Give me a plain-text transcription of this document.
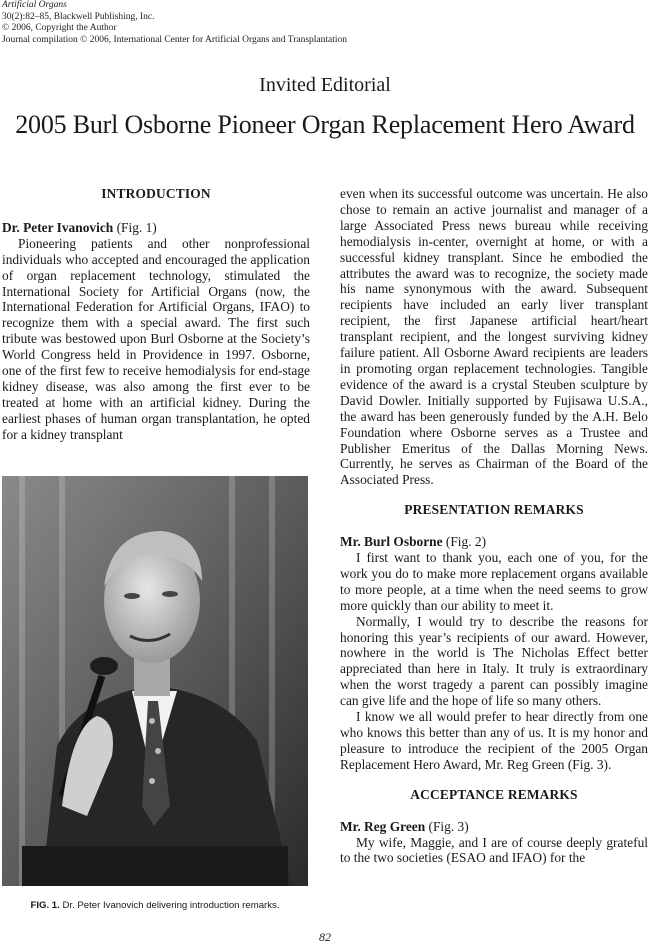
Artificial Organs
30(2):82–85, Blackwell Publishing, Inc.
© 2006, Copyright the Author
Journal compilation © 2006, International Center for Artificial Organs and Transplantation
Invited Editorial
2005 Burl Osborne Pioneer Organ Replacement Hero Award
INTRODUCTION

Dr. Peter Ivanovich (Fig. 1)

Pioneering patients and other nonprofessional individuals who accepted and encouraged the application of organ replacement technology, stimulated the International Society for Artificial Organs (now, the International Federation for Artificial Organs, IFAO) to recognize them with a special award. The first such tribute was bestowed upon Burl Osborne at the Society’s World Congress held in Providence in 1997. Osborne, one of the first few to receive hemodialysis for end-stage kidney disease, was also among the first ever to be treated at home with an artificial kidney. During the earliest phases of human organ transplantation, he opted for a kidney transplant

FIG. 1. Dr. Peter Ivanovich delivering introduction remarks.

even when its successful outcome was uncertain. He also chose to remain an active journalist and manager of a large Associated Press news bureau while receiving hemodialysis in-center, overnight at home, or with a successful kidney transplant. Since he embodied the attributes the award was to recognize, the society made his name synonymous with the award. Subsequent recipients have included an early liver transplant recipient, the first Japanese artificial heart/heart transplant recipient, and the longest surviving kidney failure patient. All Osborne Award recipients are leaders in promoting organ replacement technologies. Tangible evidence of the award is a crystal Steuben sculpture by David Dowler. Initially supported by Fujisawa U.S.A., the award has been generously funded by the A.H. Belo Foundation where Osborne serves as a Trustee and Publisher Emeritus of the Dallas Morning News. Currently, he serves as Chairman of the Board of the Associated Press.

PRESENTATION REMARKS

Mr. Burl Osborne (Fig. 2)

I first want to thank you, each one of you, for the work you do to make more replacement organs available to more people, at a time when the need seems to grow more quickly than our ability to meet it.

Normally, I would try to describe the reasons for honoring this year’s recipients of our award. However, nowhere in the world is The Nicholas Effect better appreciated than here in Italy. It truly is extraordinary when the worst tragedy a parent can possibly imagine can give life and the hope of life so many others.

I know we all would prefer to hear directly from one who knows this better than any of us. It is my honor and pleasure to introduce the recipient of the 2005 Organ Replacement Hero Award, Mr. Reg Green (Fig. 3).

ACCEPTANCE REMARKS

Mr. Reg Green (Fig. 3)

My wife, Maggie, and I are of course deeply grateful to the two societies (ESAO and IFAO) for the

82
